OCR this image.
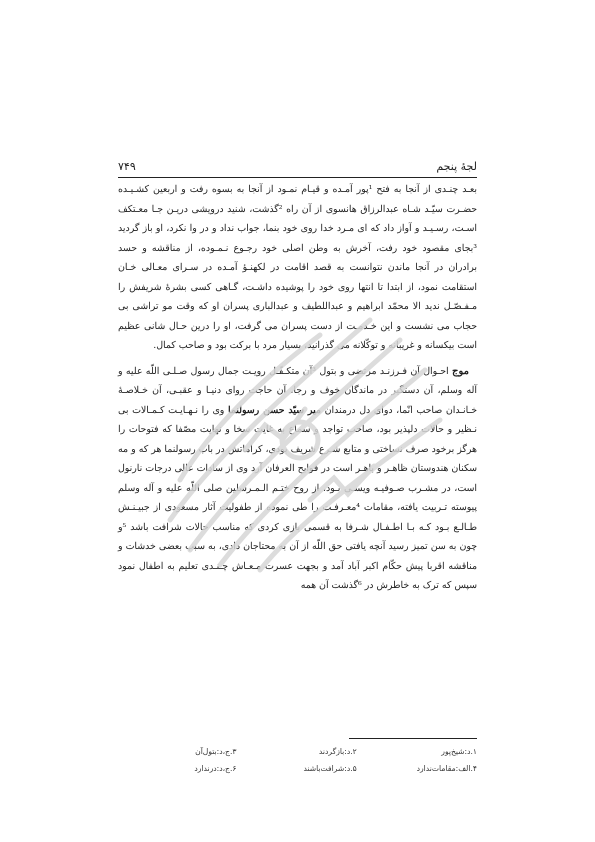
۷۴۹	لجۀ پنجم

بعـد چنـدی از آنجا به فتح ¹پور آمـده و قیـام نمـود از آنجا به بسوه رفت و اربعین کشـیـده حضـرت سیّـد شـاه عبدالرزاق هانسوی از آن راه ²گذشت، شنید درویشی دریـن جـا معـتکف اسـت، رسـیـد و آواز داد که ای مـرد خدا روی خود بنما، جواب نداد و در وا نکرد، او باز گردید ³بجای مقصود خود رفت، آخرش به وطن اصلی خود رجـوع نـمـوده، از مناقشه و حسد برادران در آنجا ماندن نتوانست به قصد اقامت در لکهنـؤ آمـده در سـرای معـالی خـان استقامت نمود، از ابتدا تا انتها روی خود را پوشیده داشـت، گـاهی کسی بشرۀ شریفش را مـفـصّـل ندید الا محمّد ابراهیم و عبداللطیف و عبدالباری پسران او که وقت مو تراشی بی حجاب می نشست و این خـدمـت از دست پسران می گرفت، او را درین حـال شانی عظیم است بیکسانه و غریبانه و توکّلانه می گذرانید، بسیار مرد با برکت بود و صاحب کمال.

موج احـوال آن فـرزنـد مرتضی و بتول ³آن متکـفّـل رویـت جمال رسول صـلـی اللّه علیه و آله وسلم، آن دستگیر در ماندگان خوف و رجا، آن حاجت روای دنیـا و عقبـی، آن خـلاصـۀ خـانـدان صاحب انّما، دوای دل درمندان میر سیّد حسن رسولنما وی را نـهـایـت کـمـالات بی نـظیر و حالات دلپذیر بود، صاحب تواجد و سماع به غایت سخا و نهایت مصّفا که فتوحات را هرگز برخود صرف نساختی و متابع شـرع شریف بودی، کراماتش در باب رسولنما هر که و مه سکنان هندوستان ظاهـر و باهـر است در فوایح العرفان آرد وی از سادات عالی درجات نارنول است، در مشـرب صـوفیـه ویسـی بـود، از روح ختـم الـمـرسلین صلی اللّه علیه و آله وسلم پیوسته تـربیت یافته، مقامات ⁴معـرفـت را طی نموده از طفولیت آثار مسعودی از جبیـنـش طـالـع بـود کـه بـا اطـفـال شـرفا به قسمی بازی کردی که مناسب حالات شرافت باشد ⁵و چون به سن تمیز رسید آنچه یافتی حق اللّه از آن به محتاجان دادی، به سبب بعضی خدشات و مناقشه اقربا پیش حکّام اکبر آباد آمد و بجهت عسرت مـعـاش چـنـدی تعلیم به اطفال نمود سپس که ترک به خاطرش در ⁶گذشت آن همه

۱.د:شیخ‌پور
۲.د:باز‌گردند
۳.ج،د:بتول‌آن
۴.الف:مقامات‌ندارد
۵.د:شرافت‌باشند
۶.ج،د:در‌ندارد
